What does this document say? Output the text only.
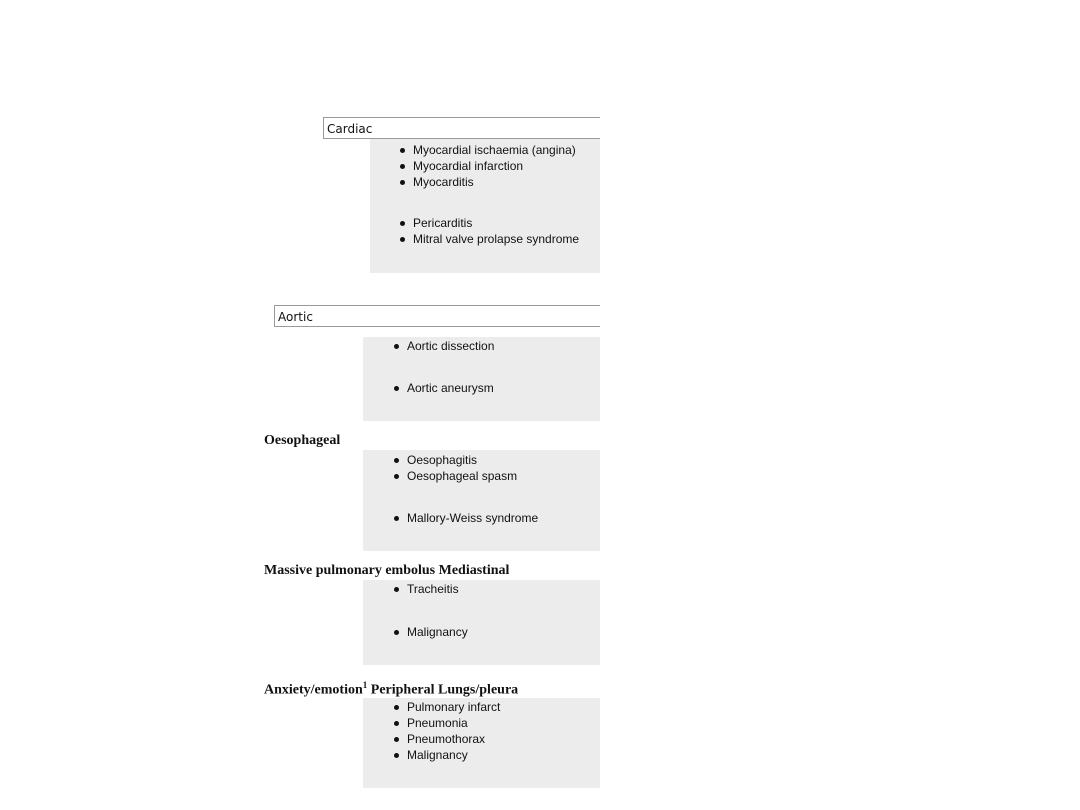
Cardiac
Myocardial ischaemia (angina)
Myocardial infarction
Myocarditis
Pericarditis
Mitral valve prolapse syndrome
Aortic
Aortic dissection
Aortic aneurysm
Oesophageal
Oesophagitis
Oesophageal spasm
Mallory-Weiss syndrome
Massive pulmonary embolus Mediastinal
Tracheitis
Malignancy
Anxiety/emotion$^1$ Peripheral Lungs/pleura
Pulmonary infarct
Pneumonia
Pneumothorax
Malignancy
